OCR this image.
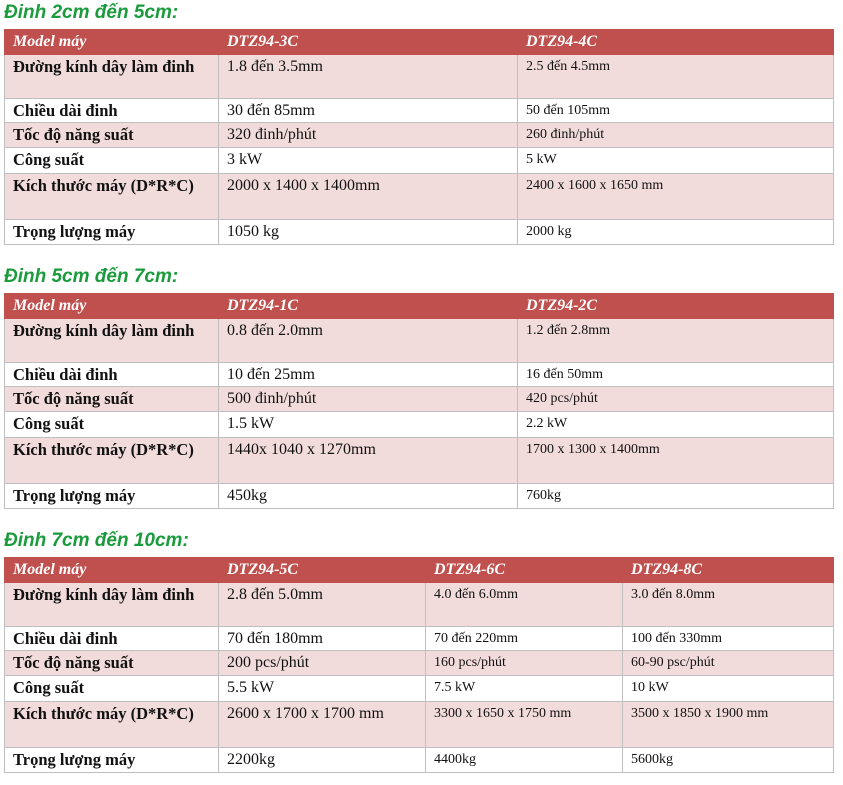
Đinh 2cm đến 5cm:
Model máy	DTZ94-3C	DTZ94-4C
Đường kính dây làm đinh	1.8 đến 3.5mm	2.5 đến 4.5mm
Chiều dài đinh	30 đến 85mm	50 đến 105mm
Tốc độ năng suất	320 đinh/phút	260 đinh/phút
Công suất	3 kW	5 kW
Kích thước máy (D*R*C)	2000 x 1400 x 1400mm	2400 x 1600 x 1650 mm
Trọng lượng máy	1050 kg	2000 kg
Đinh 5cm đến 7cm:
Model máy	DTZ94-1C	DTZ94-2C
Đường kính dây làm đinh	0.8 đến 2.0mm	1.2 đến 2.8mm
Chiều dài đinh	10 đến 25mm	16 đến 50mm
Tốc độ năng suất	500 đinh/phút	420 pcs/phút
Công suất	1.5 kW	2.2 kW
Kích thước máy (D*R*C)	1440x 1040 x 1270mm	1700 x 1300 x 1400mm
Trọng lượng máy	450kg	760kg
Đinh 7cm đến 10cm:
Model máy	DTZ94-5C	DTZ94-6C	DTZ94-8C
Đường kính dây làm đinh	2.8 đến 5.0mm	4.0 đến 6.0mm	3.0 đến 8.0mm
Chiều dài đinh	70 đến 180mm	70 đến 220mm	100 đến 330mm
Tốc độ năng suất	200 pcs/phút	160 pcs/phút	60-90 psc/phút
Công suất	5.5 kW	7.5 kW	10 kW
Kích thước máy (D*R*C)	2600 x 1700 x 1700 mm	3300 x 1650 x 1750 mm	3500 x 1850 x 1900 mm
Trọng lượng máy	2200kg	4400kg	5600kg
